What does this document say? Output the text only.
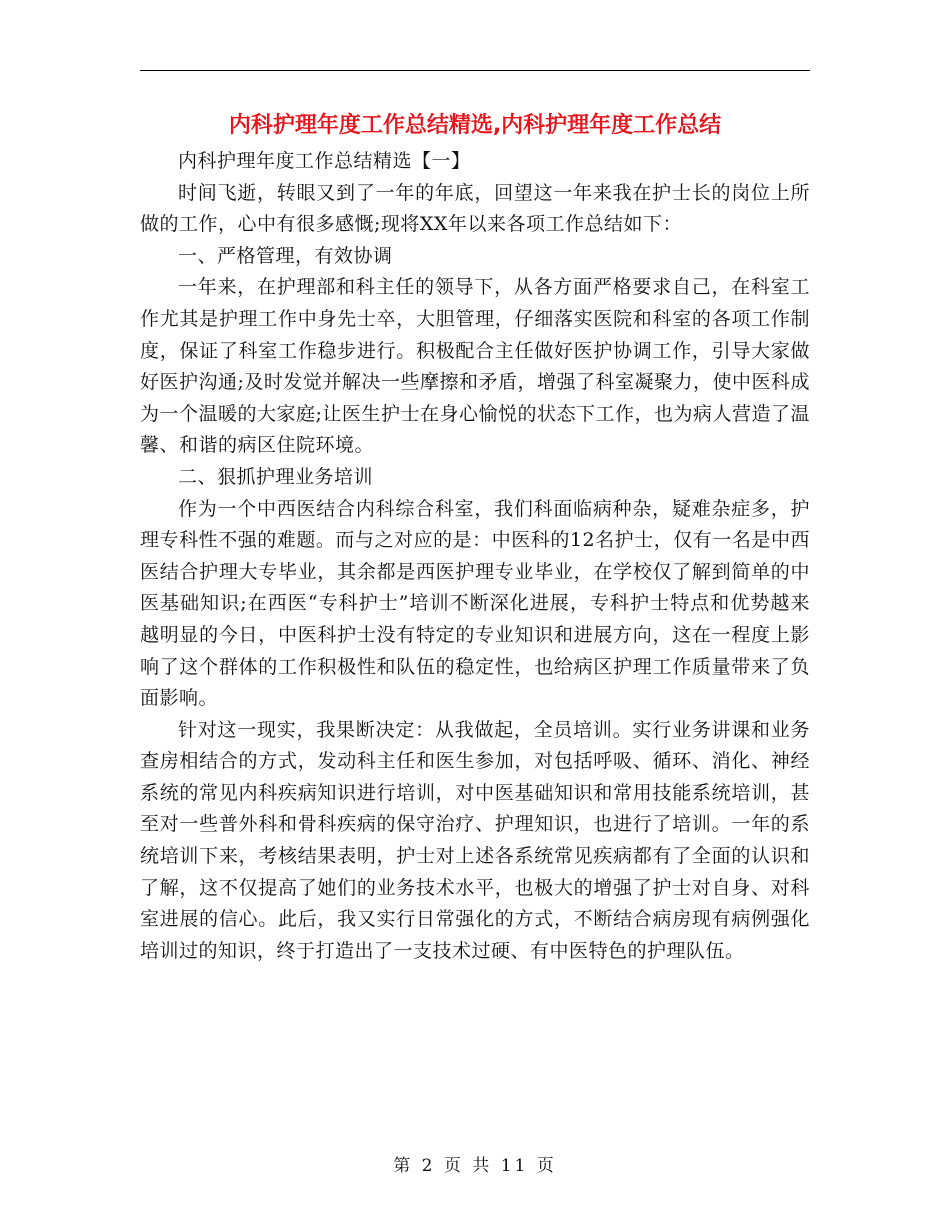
内科护理年度工作总结精选,内科护理年度工作总结

内科护理年度工作总结精选【一】

时间飞逝，转眼又到了一年的年底，回望这一年来我在护士长的岗位上所做的工作，心中有很多感慨;现将XX年以来各项工作总结如下：

一、严格管理，有效协调

一年来，在护理部和科主任的领导下，从各方面严格要求自己，在科室工作尤其是护理工作中身先士卒，大胆管理，仔细落实医院和科室的各项工作制度，保证了科室工作稳步进行。积极配合主任做好医护协调工作，引导大家做好医护沟通;及时发觉并解决一些摩擦和矛盾，增强了科室凝聚力，使中医科成为一个温暖的大家庭;让医生护士在身心愉悦的状态下工作，也为病人营造了温馨、和谐的病区住院环境。

二、狠抓护理业务培训

作为一个中西医结合内科综合科室，我们科面临病种杂，疑难杂症多，护理专科性不强的难题。而与之对应的是：中医科的12名护士，仅有一名是中西医结合护理大专毕业，其余都是西医护理专业毕业，在学校仅了解到简单的中医基础知识;在西医“专科护士”培训不断深化进展，专科护士特点和优势越来越明显的今日，中医科护士没有特定的专业知识和进展方向，这在一程度上影响了这个群体的工作积极性和队伍的稳定性，也给病区护理工作质量带来了负面影响。

针对这一现实，我果断决定：从我做起，全员培训。实行业务讲课和业务查房相结合的方式，发动科主任和医生参加，对包括呼吸、循环、消化、神经系统的常见内科疾病知识进行培训，对中医基础知识和常用技能系统培训，甚至对一些普外科和骨科疾病的保守治疗、护理知识，也进行了培训。一年的系统培训下来，考核结果表明，护士对上述各系统常见疾病都有了全面的认识和了解，这不仅提高了她们的业务技术水平，也极大的增强了护士对自身、对科室进展的信心。此后，我又实行日常强化的方式，不断结合病房现有病例强化培训过的知识，终于打造出了一支技术过硬、有中医特色的护理队伍。

第 2 页 共 11 页
